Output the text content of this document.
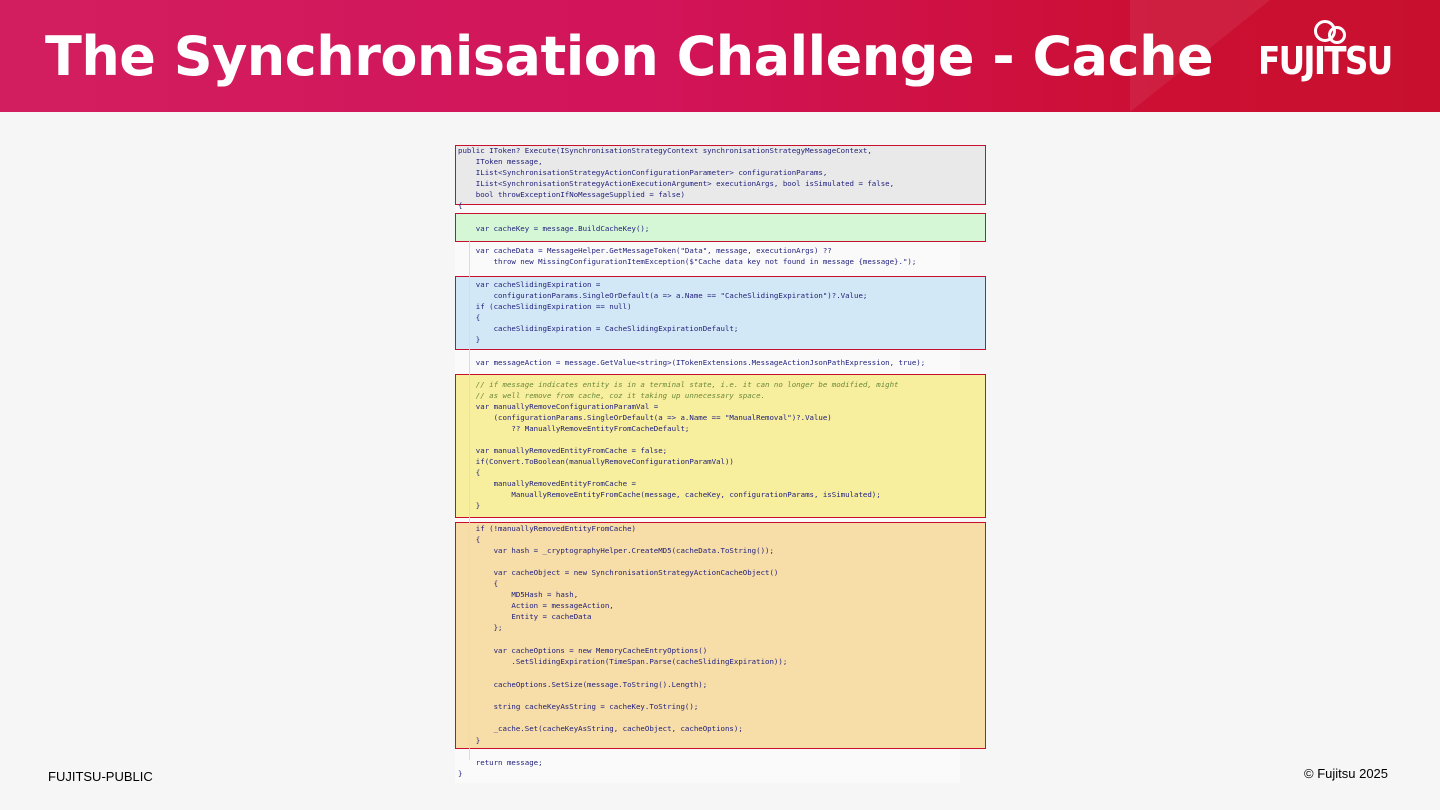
The Synchronisation Challenge - Cache FUJITSU
public IToken? Execute(ISynchronisationStrategyContext synchronisationStrategyMessageContext,
IToken message,
IList<SynchronisationStrategyActionConfigurationParameter> configurationParams,
IList<SynchronisationStrategyActionExecutionArgument> executionArgs, bool isSimulated = false,
bool throwExceptionIfNoMessageSupplied = false)
{
var cacheKey = message.BuildCacheKey();
var cacheData = MessageHelper.GetMessageToken("Data", message, executionArgs) ??
throw new MissingConfigurationItemException($"Cache data key not found in message {message}.");
var cacheSlidingExpiration =
configurationParams.SingleOrDefault(a => a.Name == "CacheSlidingExpiration")?.Value;
if (cacheSlidingExpiration == null)
{
cacheSlidingExpiration = CacheSlidingExpirationDefault;
}
var messageAction = message.GetValue<string>(ITokenExtensions.MessageActionJsonPathExpression, true);
// if message indicates entity is in a terminal state, i.e. it can no longer be modified, might
// as well remove from cache, coz it taking up unnecessary space.
var manuallyRemoveConfigurationParamVal =
(configurationParams.SingleOrDefault(a => a.Name == "ManualRemoval")?.Value)
?? ManuallyRemoveEntityFromCacheDefault;
var manuallyRemovedEntityFromCache = false;
if(Convert.ToBoolean(manuallyRemoveConfigurationParamVal))
{
manuallyRemovedEntityFromCache =
ManuallyRemoveEntityFromCache(message, cacheKey, configurationParams, isSimulated);
}
if (!manuallyRemovedEntityFromCache)
{
var hash = _cryptographyHelper.CreateMD5(cacheData.ToString());
var cacheObject = new SynchronisationStrategyActionCacheObject()
{
MD5Hash = hash,
Action = messageAction,
Entity = cacheData
};
var cacheOptions = new MemoryCacheEntryOptions()
.SetSlidingExpiration(TimeSpan.Parse(cacheSlidingExpiration));
cacheOptions.SetSize(message.ToString().Length);
string cacheKeyAsString = cacheKey.ToString();
_cache.Set(cacheKeyAsString, cacheObject, cacheOptions);
}
return message;
}
FUJITSU-PUBLIC	© Fujitsu 2025
